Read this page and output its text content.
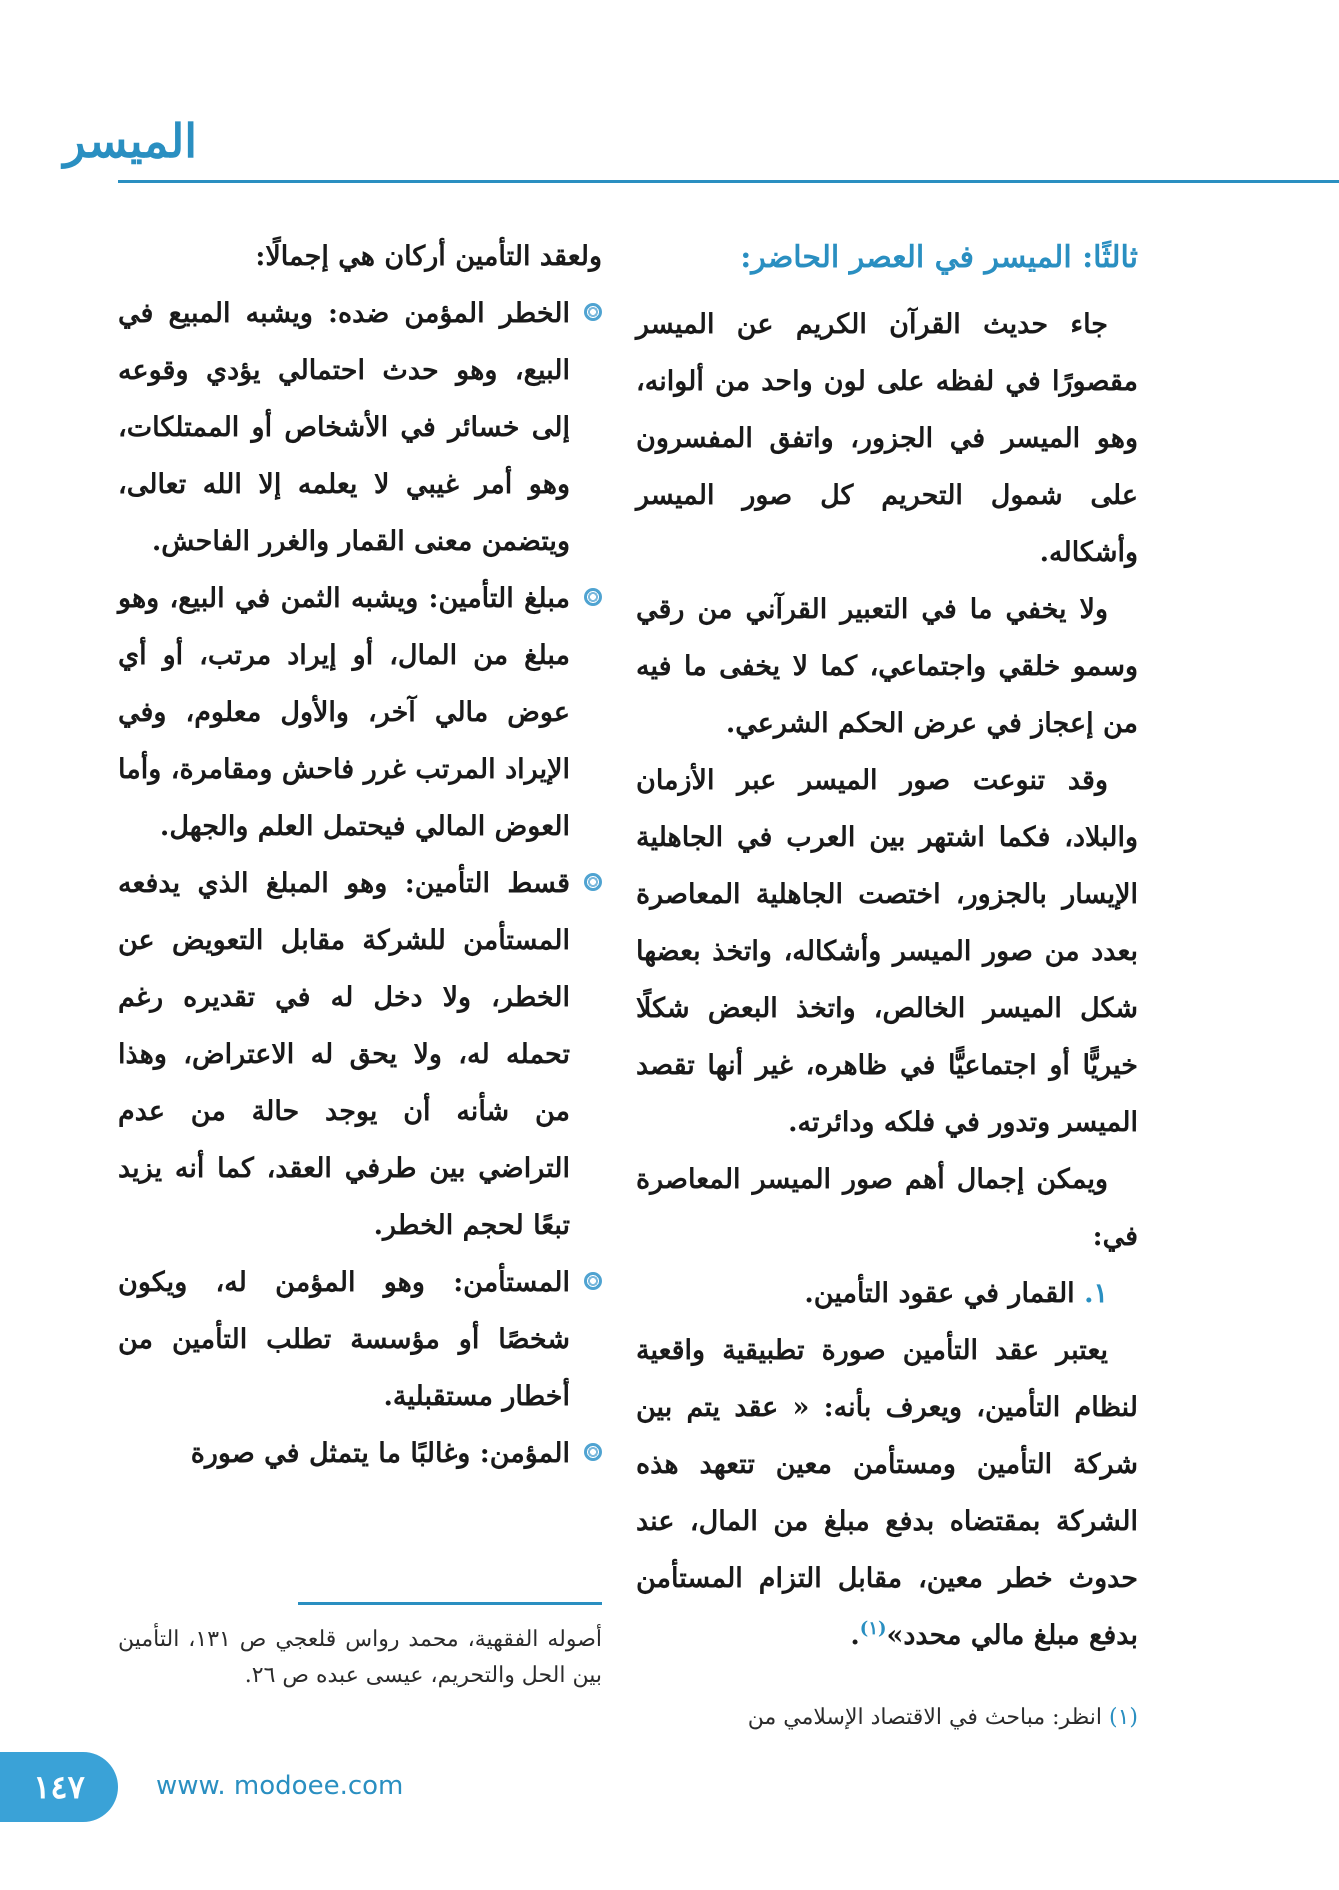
الميسر
ثالثًا: الميسر في العصر الحاضر:

جاء حديث القرآن الكريم عن الميسر مقصورًا في لفظه على لون واحد من ألوانه، وهو الميسر في الجزور، واتفق المفسرون على شمول التحريم كل صور الميسر وأشكاله.

ولا يخفي ما في التعبير القرآني من رقي وسمو خلقي واجتماعي، كما لا يخفى ما فيه من إعجاز في عرض الحكم الشرعي.

وقد تنوعت صور الميسر عبر الأزمان والبلاد، فكما اشتهر بين العرب في الجاهلية الإيسار بالجزور، اختصت الجاهلية المعاصرة بعدد من صور الميسر وأشكاله، واتخذ بعضها شكل الميسر الخالص، واتخذ البعض شكلًا خيريًّا أو اجتماعيًّا في ظاهره، غير أنها تقصد الميسر وتدور في فلكه ودائرته.

ويمكن إجمال أهم صور الميسر المعاصرة في:

١. القمار في عقود التأمين.

يعتبر عقد التأمين صورة تطبيقية واقعية لنظام التأمين، ويعرف بأنه: « عقد يتم بين شركة التأمين ومستأمن معين تتعهد هذه الشركة بمقتضاه بدفع مبلغ من المال، عند حدوث خطر معين، مقابل التزام المستأمن بدفع مبلغ مالي محدد»$^{(١)}$.

ولعقد التأمين أركان هي إجمالًا:

الخطر المؤمن ضده: ويشبه المبيع في البيع، وهو حدث احتمالي يؤدي وقوعه إلى خسائر في الأشخاص أو الممتلكات، وهو أمر غيبي لا يعلمه إلا الله تعالى، ويتضمن معنى القمار والغرر الفاحش.
مبلغ التأمين: ويشبه الثمن في البيع، وهو مبلغ من المال، أو إيراد مرتب، أو أي عوض مالي آخر، والأول معلوم، وفي الإيراد المرتب غرر فاحش ومقامرة، وأما العوض المالي فيحتمل العلم والجهل.
قسط التأمين: وهو المبلغ الذي يدفعه المستأمن للشركة مقابل التعويض عن الخطر، ولا دخل له في تقديره رغم تحمله له، ولا يحق له الاعتراض، وهذا من شأنه أن يوجد حالة من عدم التراضي بين طرفي العقد، كما أنه يزيد تبعًا لحجم الخطر.
المستأمن: وهو المؤمن له، ويكون شخصًا أو مؤسسة تطلب التأمين من أخطار مستقبلية.
المؤمن: وغالبًا ما يتمثل في صورة
أصوله الفقهية، محمد رواس قلعجي ص ١٣١، التأمين بين الحل والتحريم، عيسى عبده ص ٢٦.
(١) انظر: مباحث في الاقتصاد الإسلامي من
١٤٧	www. modoee.com
